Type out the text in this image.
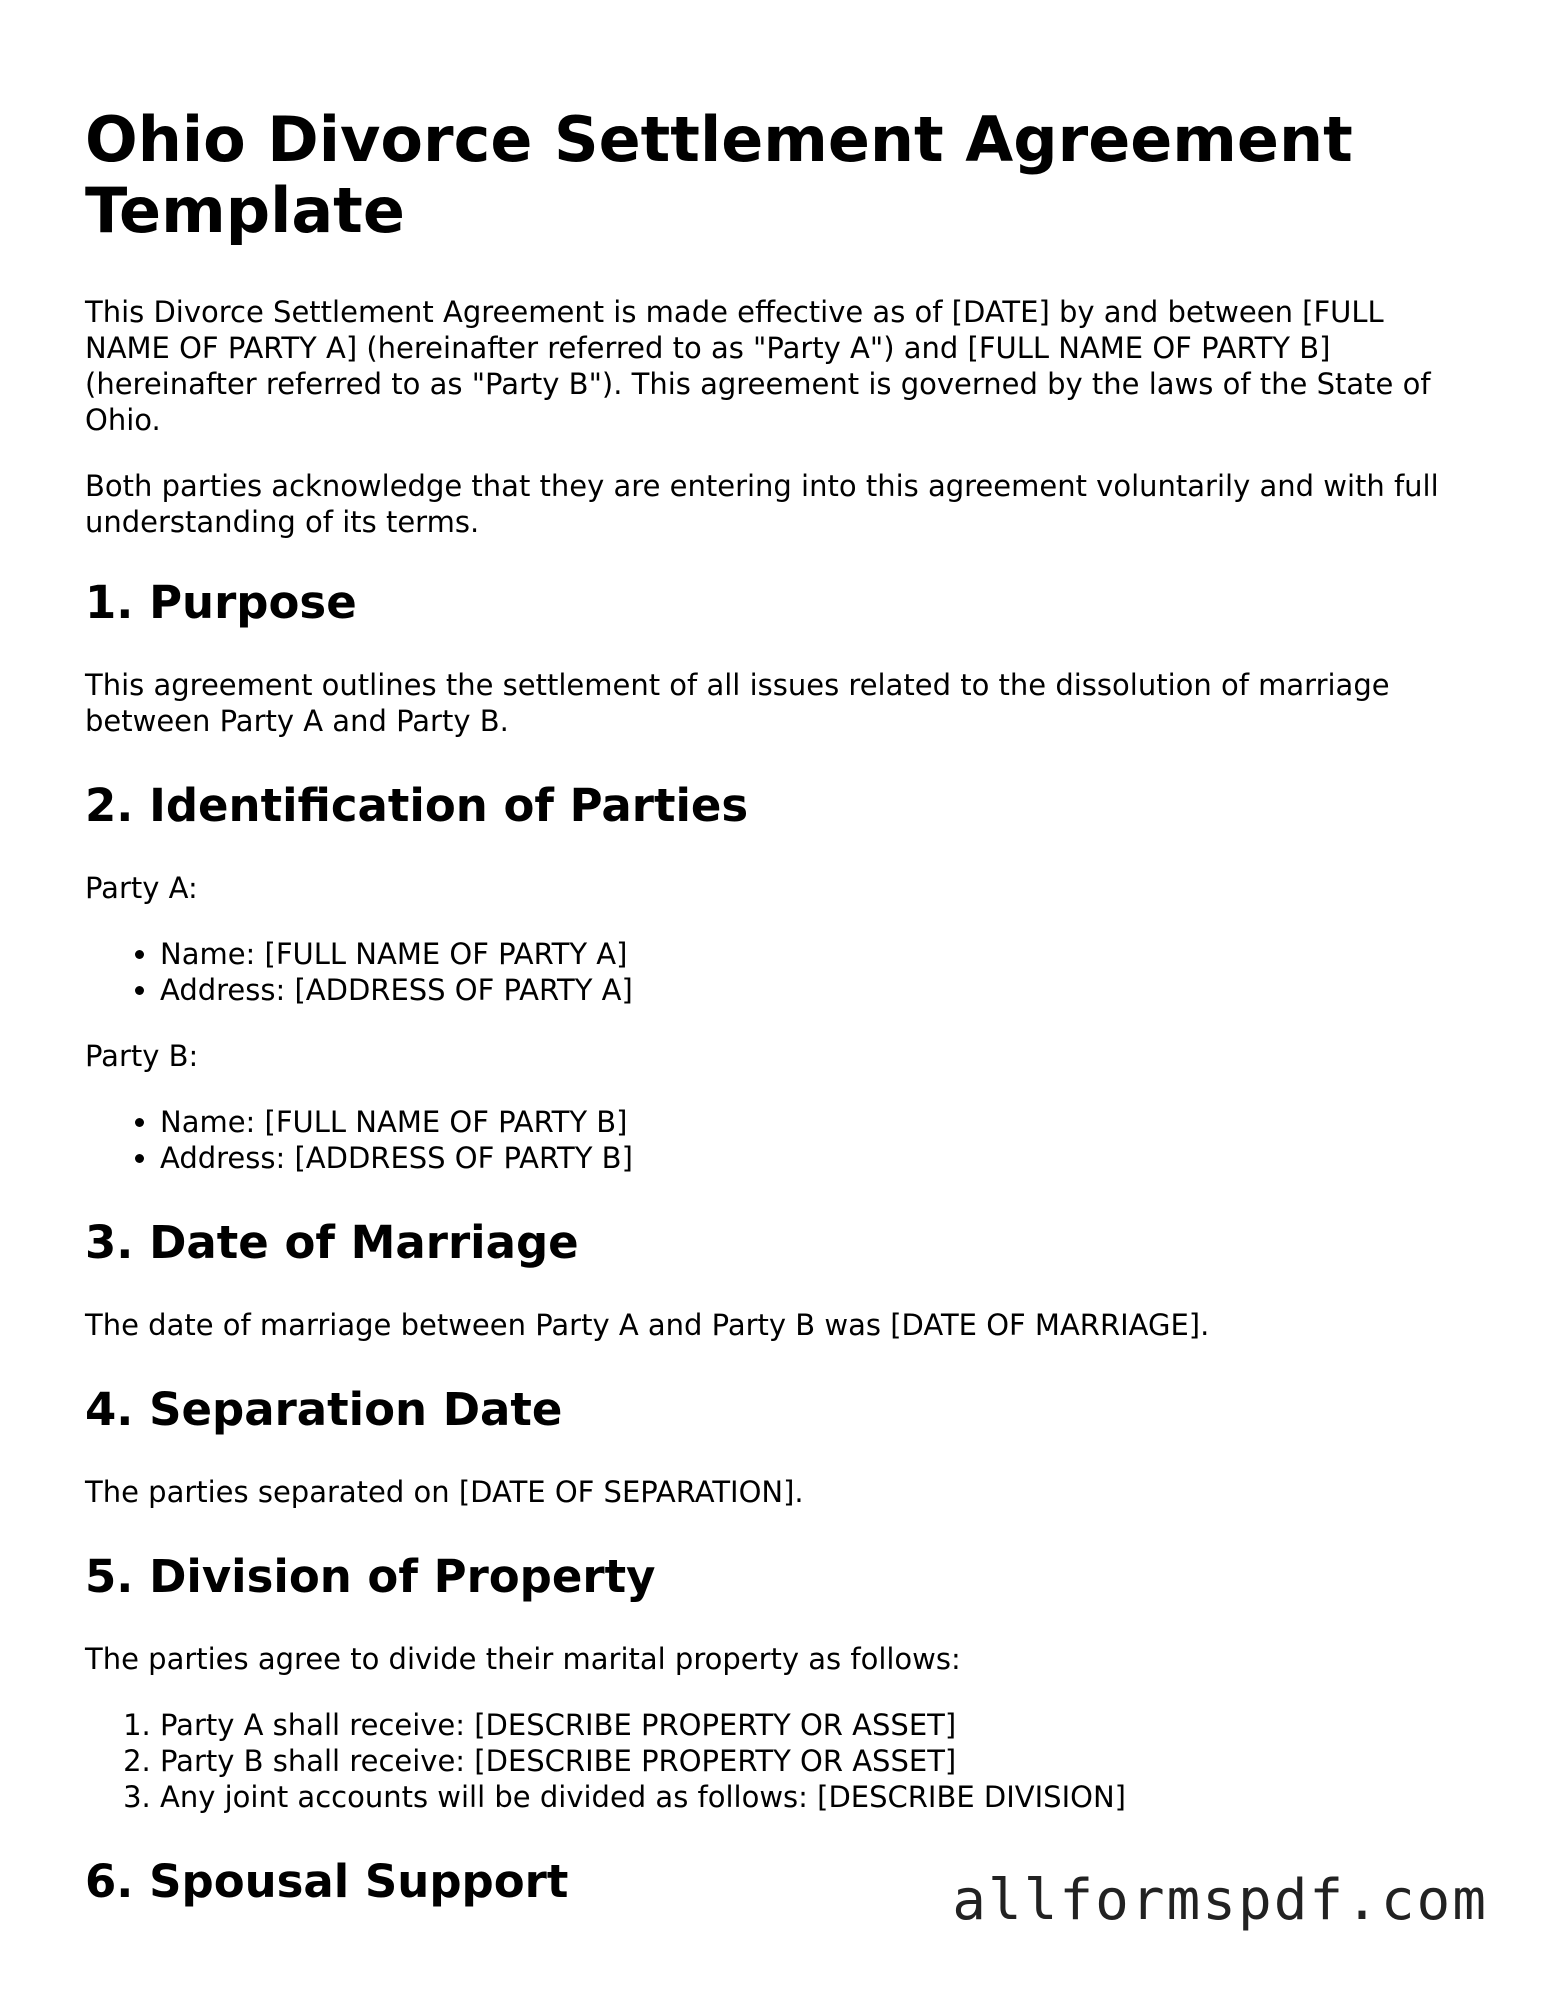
Ohio Divorce Settlement Agreement Template

This Divorce Settlement Agreement is made effective as of [DATE] by and between [FULL NAME OF PARTY A] (hereinafter referred to as "Party A") and [FULL NAME OF PARTY B] (hereinafter referred to as "Party B"). This agreement is governed by the laws of the State of Ohio.

Both parties acknowledge that they are entering into this agreement voluntarily and with full understanding of its terms.

1. Purpose

This agreement outlines the settlement of all issues related to the dissolution of marriage between Party A and Party B.

2. Identification of Parties

Party A:

• Name: [FULL NAME OF PARTY A]
• Address: [ADDRESS OF PARTY A]

Party B:

• Name: [FULL NAME OF PARTY B]
• Address: [ADDRESS OF PARTY B]
3. Date of Marriage

The date of marriage between Party A and Party B was [DATE OF MARRIAGE].

4. Separation Date

The parties separated on [DATE OF SEPARATION].

5. Division of Property

The parties agree to divide their marital property as follows:

1. Party A shall receive: [DESCRIBE PROPERTY OR ASSET]
2. Party B shall receive: [DESCRIBE PROPERTY OR ASSET]
3. Any joint accounts will be divided as follows: [DESCRIBE DIVISION]
6. Spousal Support	allformspdf.com
